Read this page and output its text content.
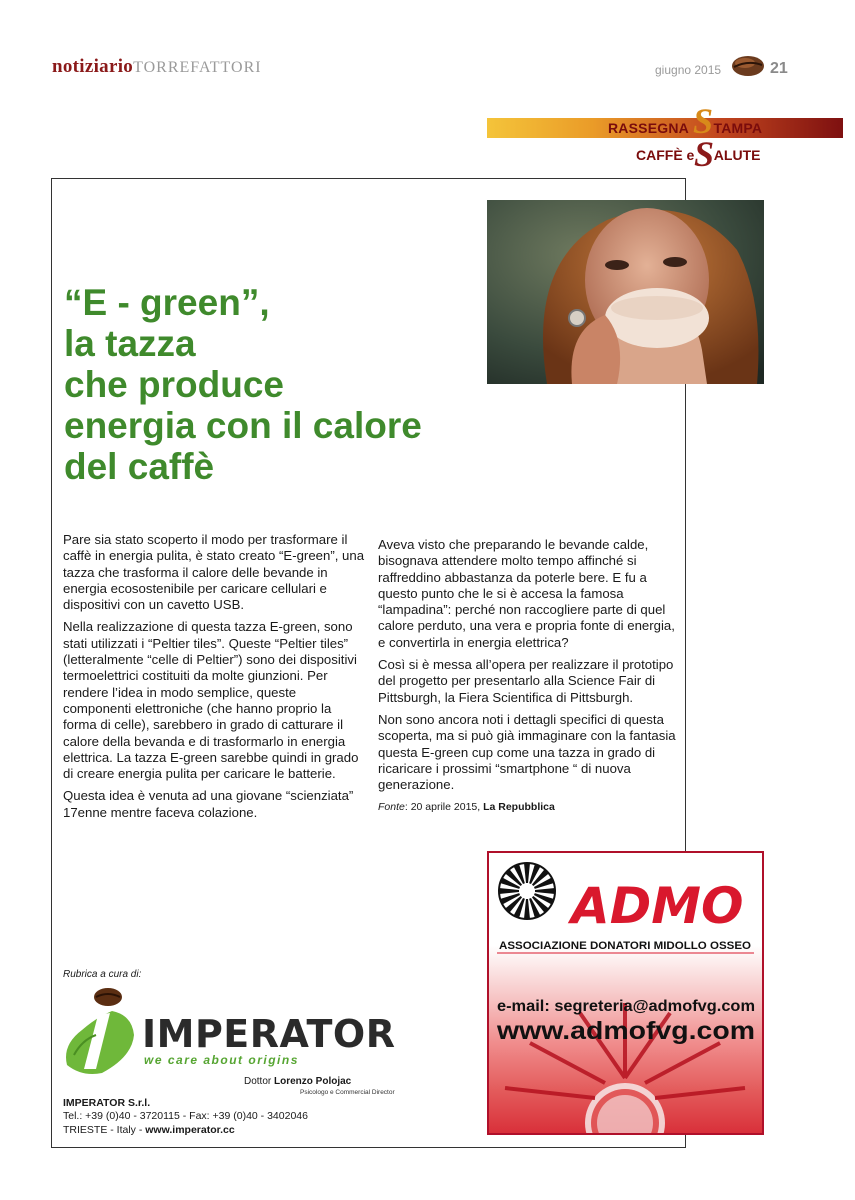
notiziarioTORREFATTORI	giugno 2015	21
RASSEGNA TAMPA
S
CAFFÈ e ALUTE
S
“E - green”,
la tazza
che produce
energia con il calore
del caffè

Pare sia stato scoperto il modo per trasformare il caffè in energia pulita, è stato creato “E-green”, una tazza che trasforma il calore delle bevande in energia ecosostenibile per caricare cellulari e dispositivi con un cavetto USB.

Nella realizzazione di questa tazza E-green, sono stati utilizzati i “Peltier tiles”. Queste “Peltier tiles” (letteralmente “celle di Peltier”) sono dei dispositivi termoelettrici costituiti da molte giunzioni. Per rendere l’idea in modo semplice, queste componenti elettroniche (che hanno proprio la forma di celle), sarebbero in grado di catturare il calore della bevanda e di trasformarlo in energia elettrica. La tazza E-green sarebbe quindi in grado di creare energia pulita per caricare le batterie.

Questa idea è venuta ad una giovane “scienziata” 17enne mentre faceva colazione.

Aveva visto che preparando le bevande calde, bisognava attendere molto tempo affinché si raffreddino abbastanza da poterle bere. E fu a questo punto che le si è accesa la famosa “lampadina”: perché non raccogliere parte di quel calore perduto, una vera e propria fonte di energia, e convertirla in energia elettrica?

Così si è messa all’opera per realizzare il prototipo del progetto per presentarlo alla Science Fair di Pittsburgh, la Fiera Scientifica di Pittsburgh.

Non sono ancora noti i dettagli specifici di questa scoperta, ma si può già immaginare con la fantasia questa E-green cup come una tazza in grado di ricaricare i prossimi “smartphone “ di nuova generazione.

Fonte: 20 aprile 2015, La Repubblica
ADMO
ASSOCIAZIONE DONATORI MIDOLLO OSSEO
e-mail: segreteria@admofvg.com
www.admofvg.com
Rubrica a cura di:
IMPERATOR
we care about origins
Dottor Lorenzo Polojac
Psicologo e Commercial Director
IMPERATOR S.r.l.
Tel.: +39 (0)40 - 3720115 - Fax: +39 (0)40 - 3402046
TRIESTE - Italy - www.imperator.cc
